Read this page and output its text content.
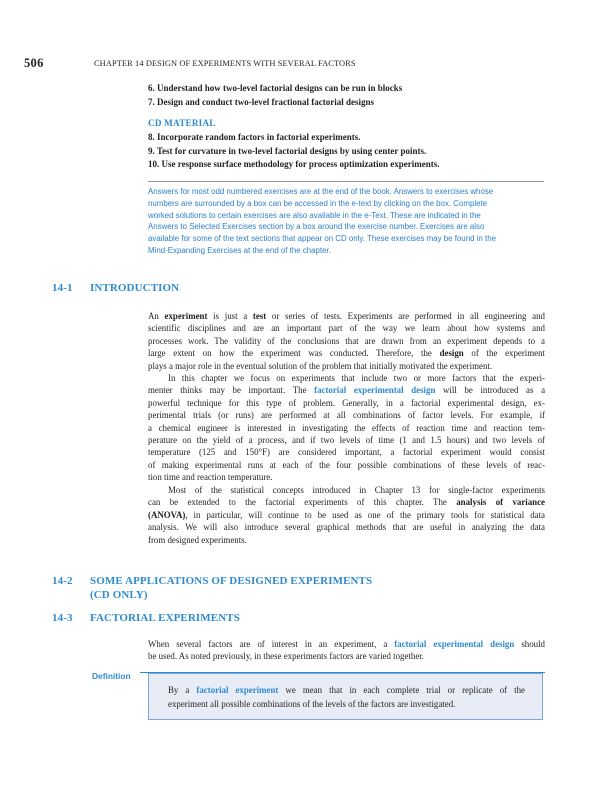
506	CHAPTER 14 DESIGN OF EXPERIMENTS WITH SEVERAL FACTORS
6. Understand how two-level factorial designs can be run in blocks
7. Design and conduct two-level fractional factorial designs
CD MATERIAL
8. Incorporate random factors in factorial experiments.
9. Test for curvature in two-level factorial designs by using center points.
10. Use response surface methodology for process optimization experiments.
Answers for most odd numbered exercises are at the end of the book. Answers to exercises whose
numbers are surrounded by a box can be accessed in the e-text by clicking on the box. Complete
worked solutions to certain exercises are also available in the e-Text. These are indicated in the
Answers to Selected Exercises section by a box around the exercise number. Exercises are also
available for some of the text sections that appear on CD only. These exercises may be found in the
Mind-Expanding Exercises at the end of the chapter.
14-1 INTRODUCTION
An experiment is just a test or series of tests. Experiments are performed in all engineering and
scientific disciplines and are an important part of the way we learn about how systems and
processes work. The validity of the conclusions that are drawn from an experiment depends to a
large extent on how the experiment was conducted. Therefore, the design of the experiment
plays a major role in the eventual solution of the problem that initially motivated the experiment.
In this chapter we focus on experiments that include two or more factors that the experi-
menter thinks may be important. The factorial experimental design will be introduced as a
powerful technique for this type of problem. Generally, in a factorial experimental design, ex-
perimental trials (or runs) are performed at all combinations of factor levels. For example, if
a chemical engineer is interested in investigating the effects of reaction time and reaction tem-
perature on the yield of a process, and if two levels of time (1 and 1.5 hours) and two levels of
temperature (125 and 150°F) are considered important, a factorial experiment would consist
of making experimental runs at each of the four possible combinations of these levels of reac-
tion time and reaction temperature.
Most of the statistical concepts introduced in Chapter 13 for single-factor experiments
can be extended to the factorial experiments of this chapter. The analysis of variance
(ANOVA), in particular, will continue to be used as one of the primary tools for statistical data
analysis. We will also introduce several graphical methods that are useful in analyzing the data
from designed experiments.
14-2 SOME APPLICATIONS OF DESIGNED EXPERIMENTS
(CD ONLY)
14-3 FACTORIAL EXPERIMENTS
When several factors are of interest in an experiment, a factorial experimental design should
be used. As noted previously, in these experiments factors are varied together.
Definition
By a factorial experiment we mean that in each complete trial or replicate of the
experiment all possible combinations of the levels of the factors are investigated.
